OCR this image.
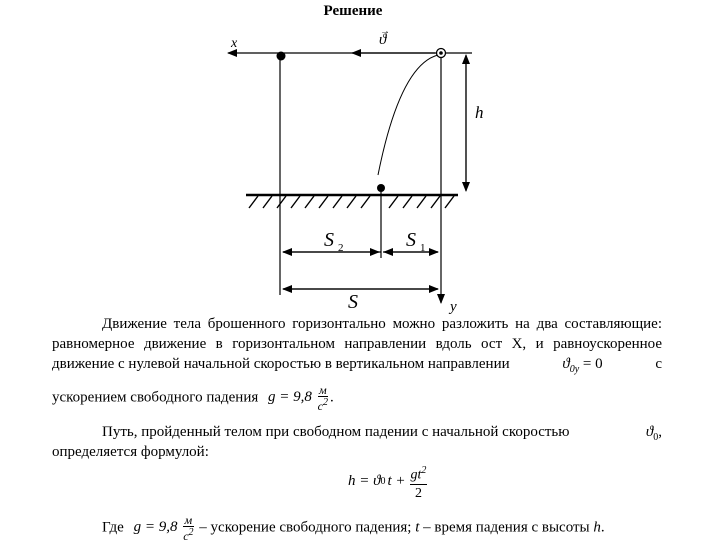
Решение
x	ϑ
→
h
S 2	S 1
S	y
Движение тела брошенного горизонтально можно разложить на два составляющие:
равномерное движение в горизонтальном направлении вдоль ост X, и равноускоренное
движение с нулевой начальной скоростью в вертикальном направлении	$ϑ_{0y} = 0$	с
ускорением свободного падения $g = 9,8 \frac{м}{c^2}$ .
Путь, пройденный телом при свободном падении с начальной скоростью	$ϑ_0$,
определяется формулой:
h = ϑ 0 $t + \frac{gt^2}{2}$
Где $g = 9,8 \frac{м}{c^2}$ – ускорение свободного падения; t – время падения с высоты h.
